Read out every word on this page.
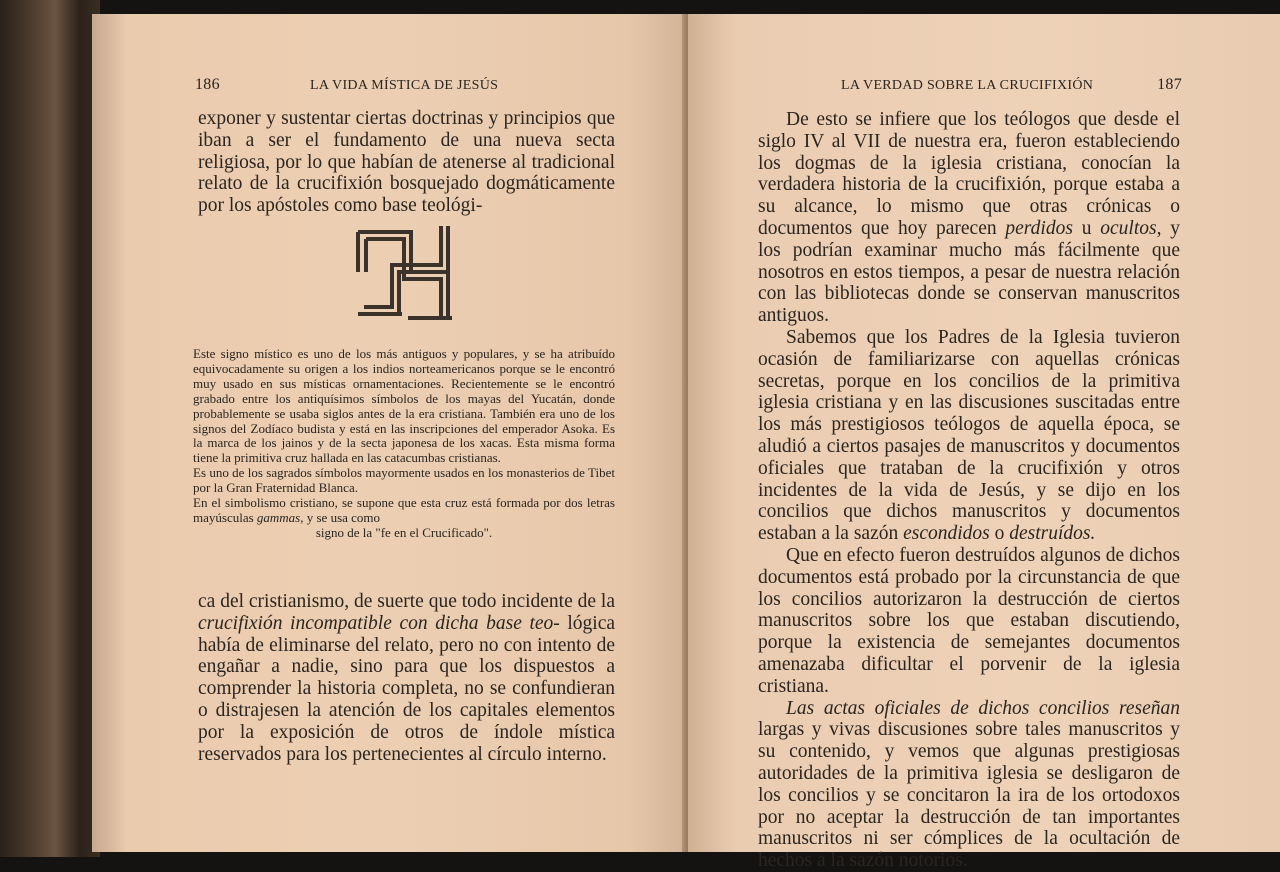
186	LA VIDA MÍSTICA DE JESÚS

exponer y sustentar ciertas doctrinas y principios que iban a ser el fundamento de una nueva secta religiosa, por lo que habían de atenerse al tradicional relato de la crucifixión bosquejado dogmáticamente por los apóstoles como base teológi-

Este signo místico es uno de los más antiguos y populares, y se ha atribuído equivocadamente su origen a los indios norteamericanos porque se le encontró muy usado en sus místicas ornamentaciones. Recientemente se le encontró grabado entre los antiquísimos símbolos de los mayas del Yucatán, donde probablemente se usaba siglos antes de la era cristiana. También era uno de los signos del Zodíaco budista y está en las inscripciones del emperador Asoka. Es la marca de los jainos y de la secta japonesa de los xacas. Esta misma forma tiene la primitiva cruz hallada en las catacumbas cristianas.

Es uno de los sagrados símbolos mayormente usados en los monasterios de Tibet por la Gran Fraternidad Blanca.

En el simbolismo cristiano, se supone que esta cruz está formada por dos letras mayúsculas gammas, y se usa como

signo de la "fe en el Crucificado".

ca del cristianismo, de suerte que todo incidente de la crucifixión incompatible con dicha base teo- lógica había de eliminarse del relato, pero no con intento de engañar a nadie, sino para que los dispuestos a comprender la historia completa, no se confundieran o distrajesen la atención de los capitales elementos por la exposición de otros de índole mística reservados para los pertenecientes al círculo interno.

LA VERDAD SOBRE LA CRUCIFIXIÓN	187

De esto se infiere que los teólogos que desde el siglo IV al VII de nuestra era, fueron estableciendo los dogmas de la iglesia cristiana, conocían la verdadera historia de la crucifixión, porque estaba a su alcance, lo mismo que otras crónicas o documentos que hoy parecen perdidos u ocultos, y los podrían examinar mucho más fácilmente que nosotros en estos tiempos, a pesar de nuestra relación con las bibliotecas donde se conservan manuscritos antiguos.

Sabemos que los Padres de la Iglesia tuvieron ocasión de familiarizarse con aquellas crónicas secretas, porque en los concilios de la primitiva iglesia cristiana y en las discusiones suscitadas entre los más prestigiosos teólogos de aquella época, se aludió a ciertos pasajes de manuscritos y documentos oficiales que trataban de la crucifixión y otros incidentes de la vida de Jesús, y se dijo en los concilios que dichos manuscritos y documentos estaban a la sazón escondidos o destruídos.

Que en efecto fueron destruídos algunos de dichos documentos está probado por la circunstancia de que los concilios autorizaron la destrucción de ciertos manuscritos sobre los que estaban discutiendo, porque la existencia de semejantes documentos amenazaba dificultar el porvenir de la iglesia cristiana.

Las actas oficiales de dichos concilios reseñan largas y vivas discusiones sobre tales manuscritos y su contenido, y vemos que algunas prestigiosas autoridades de la primitiva iglesia se desligaron de los concilios y se concitaron la ira de los ortodoxos por no aceptar la destrucción de tan importantes manuscritos ni ser cómplices de la ocultación de hechos a la sazón notorios.
